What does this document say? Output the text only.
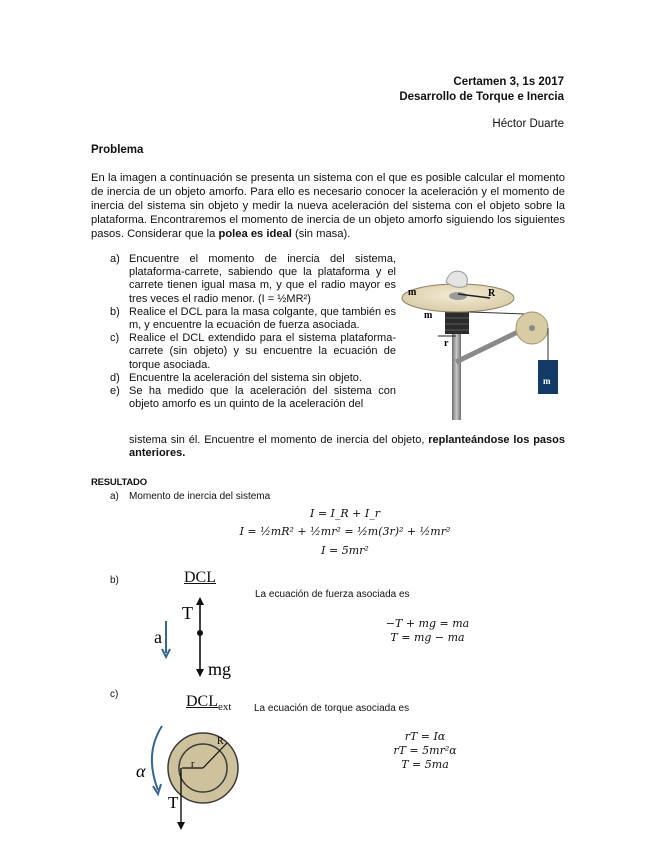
Certamen 3, 1s 2017
Desarrollo de Torque e Inercia
Héctor Duarte
Problema
En la imagen a continuación se presenta un sistema con el que es posible calcular el momento de inercia de un objeto amorfo. Para ello es necesario conocer la aceleración y el momento de inercia del sistema sin objeto y medir la nueva aceleración del sistema con el objeto sobre la plataforma. Encontraremos el momento de inercia de un objeto amorfo siguiendo los siguientes pasos. Considerar que la polea es ideal (sin masa).
a) Encuentre el momento de inercia del sistema, plataforma-carrete, sabiendo que la plataforma y el carrete tienen igual masa m, y que el radio mayor es tres veces el radio menor. (I = ½MR²)
b) Realice el DCL para la masa colgante, que también es m, y encuentre la ecuación de fuerza asociada.
c) Realice el DCL extendido para el sistema plataforma-carrete (sin objeto) y su encuentre la ecuación de torque asociada.
d) Encuentre la aceleración del sistema sin objeto.
e) Se ha medido que la aceleración del sistema con objeto amorfo es un quinto de la aceleración del
sistema sin él. Encuentre el momento de inercia del objeto, replanteándose los pasos anteriores.
m	R
m
r
m
RESULTADO
a) Momento de inercia del sistema
I = I_R + I_r
I = ½mR² + ½mr² = ½m(3r)² + ½mr²
I = 5mr²
b)	DCL
La ecuación de fuerza asociada es
T
a
mg
−T + mg = ma
T = mg − ma
c)	$DCL_{ext}$ La ecuación de torque asociada es
R
r
T
α
rT = Iα
rT = 5mr²α
T = 5ma
